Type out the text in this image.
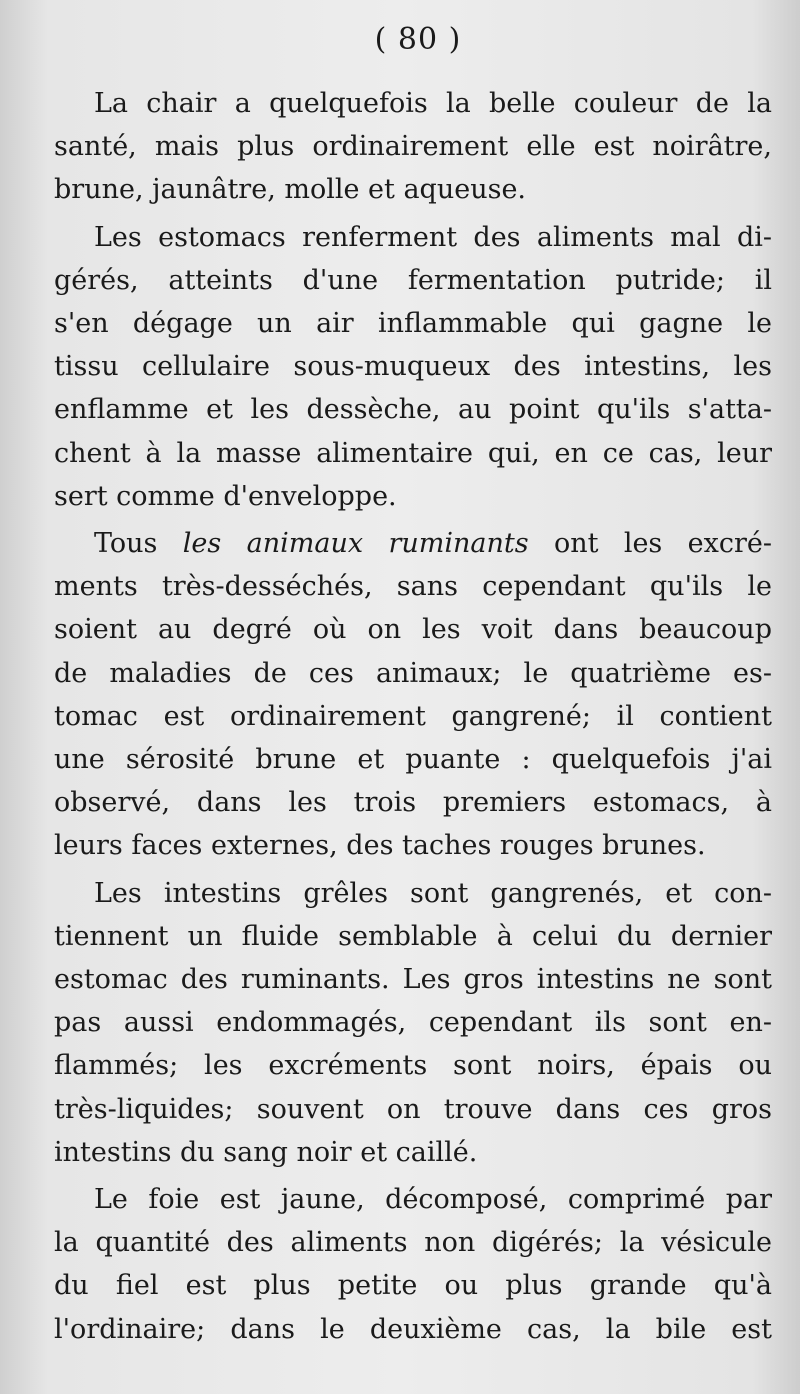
( 80 )

La chair a quelquefois la belle couleur de la
santé, mais plus ordinairement elle est noirâtre,
brune, jaunâtre, molle et aqueuse.

Les estomacs renferment des aliments mal di-
gérés, atteints d'une fermentation putride; il
s'en dégage un air inflammable qui gagne le
tissu cellulaire sous-muqueux des intestins, les
enflamme et les dessèche, au point qu'ils s'atta-
chent à la masse alimentaire qui, en ce cas, leur
sert comme d'enveloppe.

Tous les animaux ruminants ont les excré-
ments très-desséchés, sans cependant qu'ils le
soient au degré où on les voit dans beaucoup
de maladies de ces animaux; le quatrième es-
tomac est ordinairement gangrené; il contient
une sérosité brune et puante : quelquefois j'ai
observé, dans les trois premiers estomacs, à
leurs faces externes, des taches rouges brunes.

Les intestins grêles sont gangrenés, et con-
tiennent un fluide semblable à celui du dernier
estomac des ruminants. Les gros intestins ne sont
pas aussi endommagés, cependant ils sont en-
flammés; les excréments sont noirs, épais ou
très-liquides; souvent on trouve dans ces gros
intestins du sang noir et caillé.

Le foie est jaune, décomposé, comprimé par
la quantité des aliments non digérés; la vésicule
du fiel est plus petite ou plus grande qu'à
l'ordinaire; dans le deuxième cas, la bile est
